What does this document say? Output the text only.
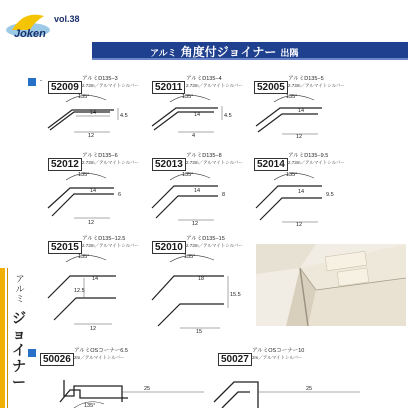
Joken
vol.38
アルミ 角度付ジョイナー 出隅
アルミ
ジョイナー
52009
アルミD135−3
2.73m／アルマイトシルバー	52011
アルミD135−4
2.73m／アルマイトシルバー	52005
アルミD135−5
2.73m／アルマイトシルバー
135°
14	4.5
12
135°
14	4.5
4
135°
14
12
52012
アルミD135−6
2.73m／アルマイトシルバー	52013
アルミD135−8
2.73m／アルマイトシルバー	52014
アルミD135−9.5
2.73m／アルマイトシルバー
135°
14
6
12
135°
14
8
12
135°
14	9.5
12
52015
アルミD135−12.5
2.73m／アルマイトシルバー	52010
アルミD135−15
2.73m／アルマイトシルバー
135°
14
12.5
12
135°
18
15.5
15
50026
アルミOSコーナー6.5
2m／アルマイトシルバー	50027
アルミOSコーナー10
2m／アルマイトシルバー
25
135°
25
